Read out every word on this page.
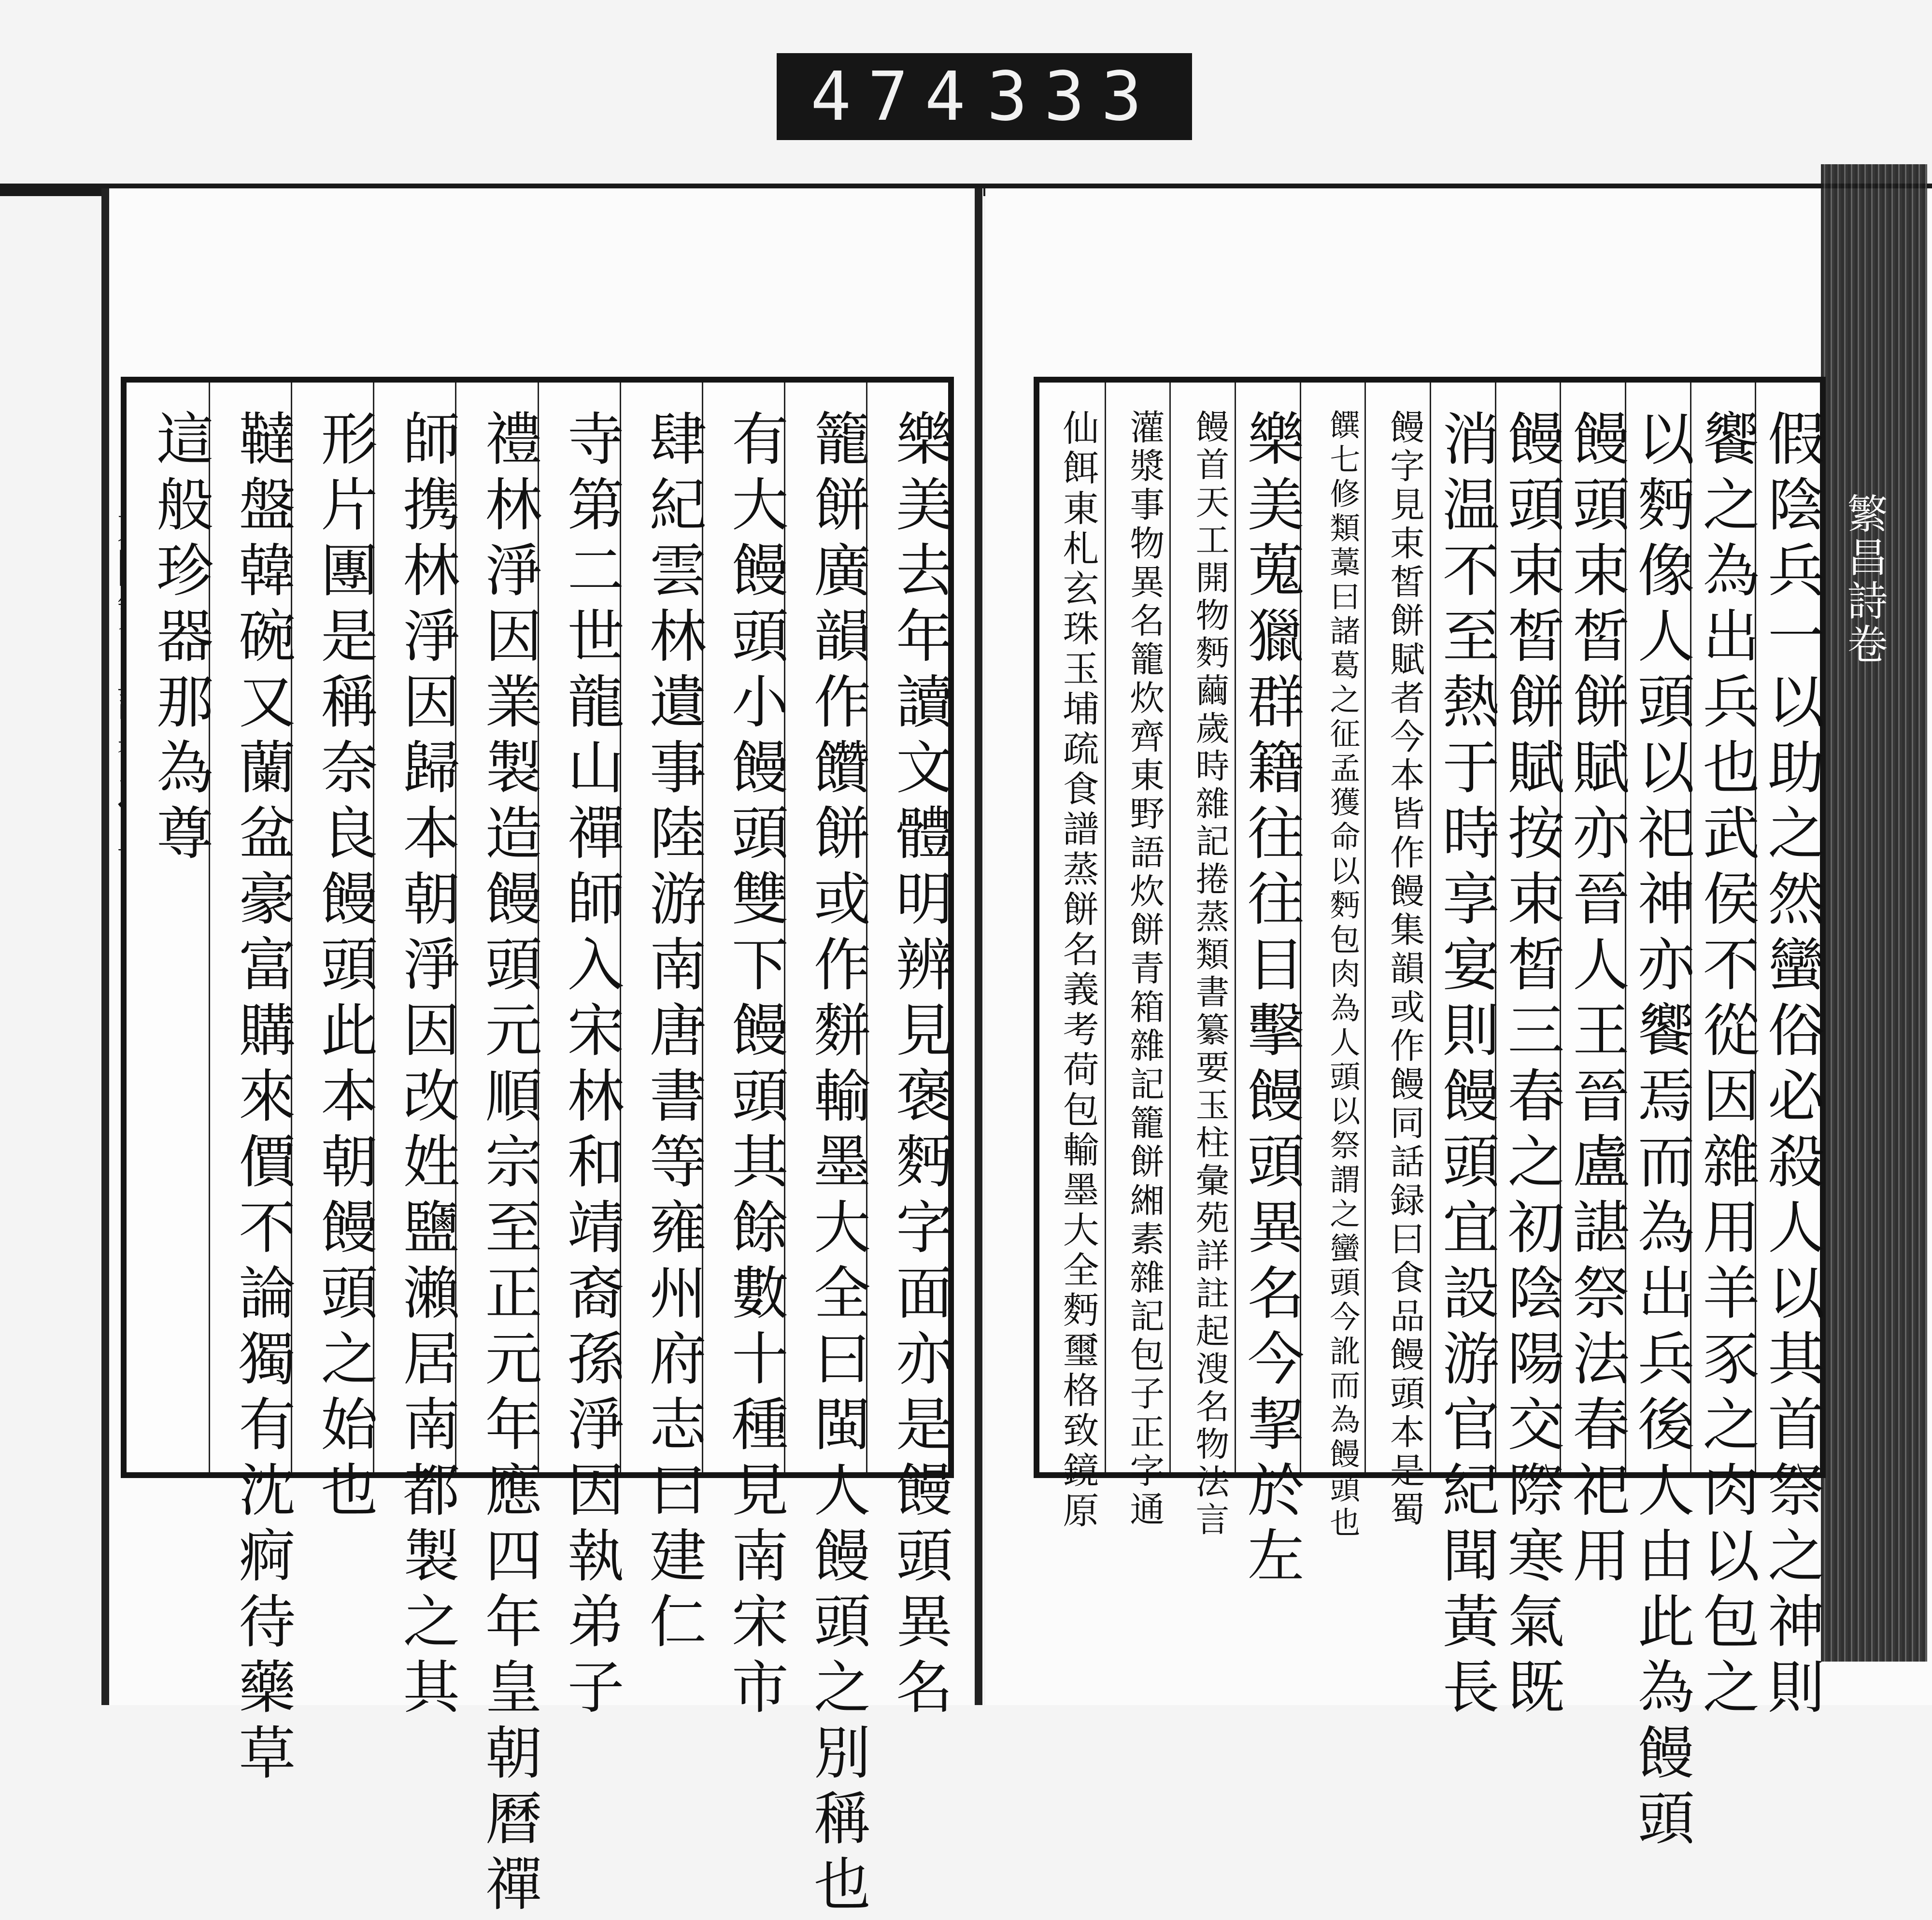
474 333
繁昌詩卷
樂美去年讀文體明辨見褒麪字面亦是饅頭異名
籠餅廣韻作饡餅或作䴵輸墨大全曰閩人饅頭之別稱也
有大饅頭小饅頭雙下饅頭其餘數十種見南宋市
肆紀雲林遺事陸游南唐書等雍州府志曰建仁
寺第二世龍山禪師入宋林和靖裔孫淨因執弟子
禮林淨因業製造饅頭元順宗至正元年應四年皇朝曆禪
師携林淨因歸本朝淨因改姓鹽瀨居南都製之其
形片團是稱奈良饅頭此本朝饅頭之始也
韃盤韓碗又蘭盆豪富購來價不論獨有沈痾待藥草
這般珍器那為尊	假陰兵一以助之然蠻俗必殺人以其首祭之神則
饗之為出兵也武侯不從因雜用羊豕之肉以包之
以麪像人頭以祀神亦饗焉而為出兵後人由此為饅頭
饅頭束皙餅賦亦晉人王晉盧諶祭法春祀用
饅頭束皙餅賦按束皙三春之初陰陽交際寒氣既
消温不至熱于時享宴則饅頭宜設游官紀聞黃長
饅字見束皙餅賦者今本皆作饅集韻或作饅同話録曰食品饅頭本是蜀
饌七修類藁曰諸葛之征孟獲命以麪包肉為人頭以祭謂之蠻頭今訛而為饅頭也
樂美蒐獵群籍往往目擊饅頭異名今挈於左
饅首天工開物麪繭歲時雜記捲蒸類書纂要玉柱彙苑詳註起溲名物法言
灌漿事物異名籠炊齊東野語炊餅青箱雜記籠餅緗素雜記包子正字通
仙餌東札玄珠玉埔疏食譜蒸餅名義考荷包輸墨大全麪璽格致鏡原
